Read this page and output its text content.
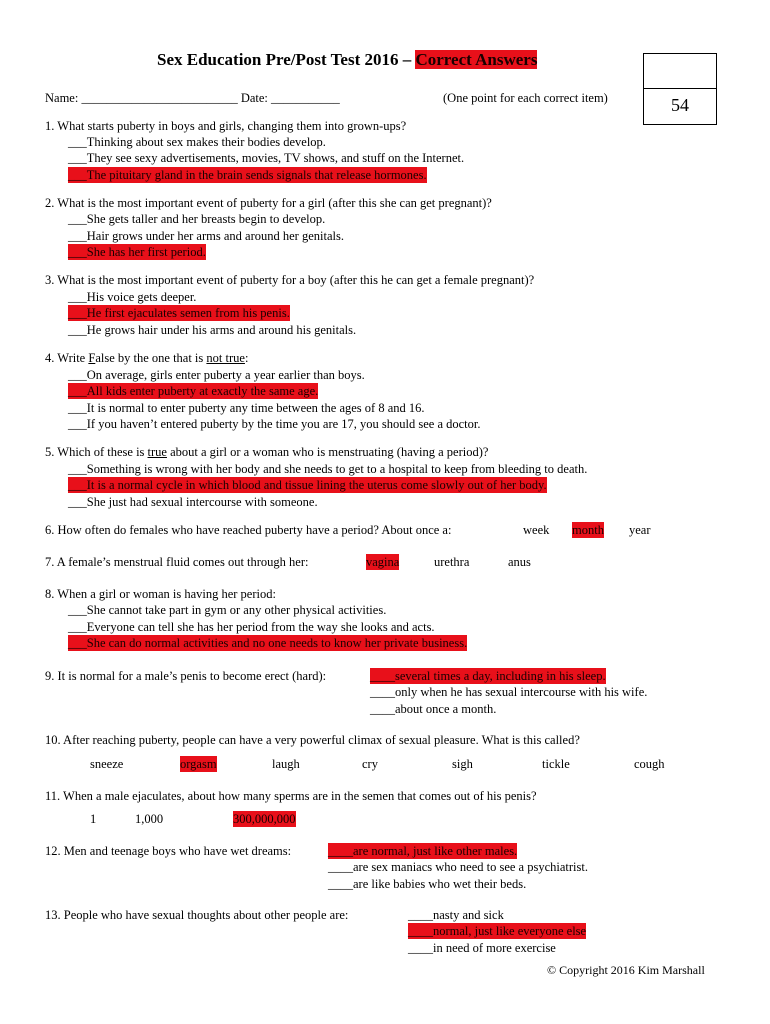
Sex Education Pre/Post Test 2016 – Correct Answers
54
Name: _________________________ Date: ___________	(One point for each correct item)
1. What starts puberty in boys and girls, changing them into grown-ups?
___Thinking about sex makes their bodies develop.
___They see sexy advertisements, movies, TV shows, and stuff on the Internet.
___The pituitary gland in the brain sends signals that release hormones.
2. What is the most important event of puberty for a girl (after this she can get pregnant)?
___She gets taller and her breasts begin to develop.
___Hair grows under her arms and around her genitals.
___She has her first period.
3. What is the most important event of puberty for a boy (after this he can get a female pregnant)?
___His voice gets deeper.
___He first ejaculates semen from his penis.
___He grows hair under his arms and around his genitals.
4. Write False by the one that is not true:
___On average, girls enter puberty a year earlier than boys.
___All kids enter puberty at exactly the same age.
___It is normal to enter puberty any time between the ages of 8 and 16.
___If you haven’t entered puberty by the time you are 17, you should see a doctor.
5. Which of these is true about a girl or a woman who is menstruating (having a period)?
___Something is wrong with her body and she needs to get to a hospital to keep from bleeding to death.
___It is a normal cycle in which blood and tissue lining the uterus come slowly out of her body.
___She just had sexual intercourse with someone.
6. How often do females who have reached puberty have a period? About once a:	week month year
7. A female’s menstrual fluid comes out through her:	vagina	urethra	anus
8. When a girl or woman is having her period:
___She cannot take part in gym or any other physical activities.
___Everyone can tell she has her period from the way she looks and acts.
___She can do normal activities and no one needs to know her private business.
9. It is normal for a male’s penis to become erect (hard):	____several times a day, including in his sleep.
____only when he has sexual intercourse with his wife.
____about once a month.
10. After reaching puberty, people can have a very powerful climax of sexual pleasure. What is this called?
sneeze	orgasm	laugh	cry	sigh	tickle	cough
11. When a male ejaculates, about how many sperms are in the semen that comes out of his penis?
1	1,000	300,000,000
12. Men and teenage boys who have wet dreams:	____are normal, just like other males.
____are sex maniacs who need to see a psychiatrist.
____are like babies who wet their beds.
13. People who have sexual thoughts about other people are:	____nasty and sick
____normal, just like everyone else
____in need of more exercise
© Copyright 2016 Kim Marshall
